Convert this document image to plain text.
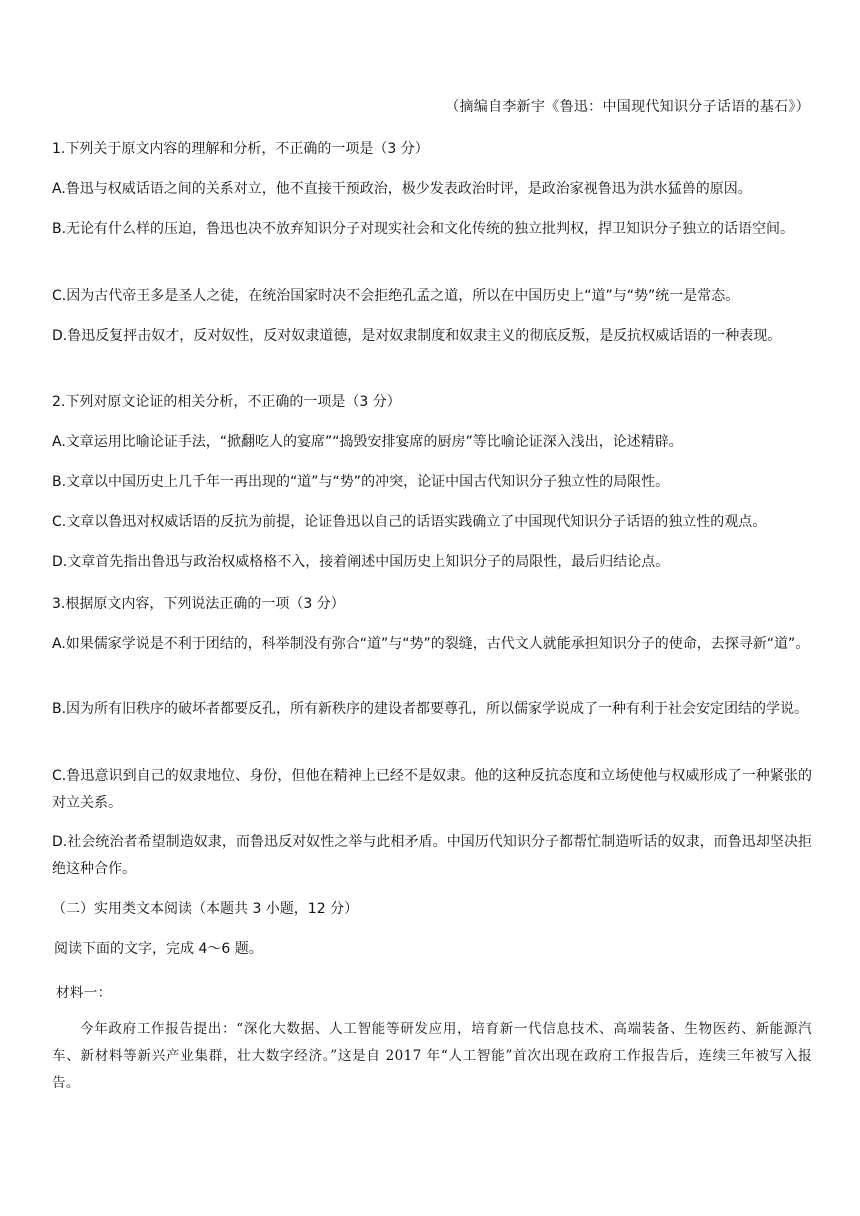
（摘编自李新宇《鲁迅：中国现代知识分子话语的基石》）
1.下列关于原文内容的理解和分析，不正确的一项是（3 分）
A.鲁迅与权威话语之间的关系对立，他不直接干预政治，极少发表政治时评，是政治家视鲁迅为洪水猛兽的原因。
B.无论有什么样的压迫，鲁迅也决不放弃知识分子对现实社会和文化传统的独立批判权，捍卫知识分子独立的话语空间。
C.因为古代帝王多是圣人之徒，在统治国家时决不会拒绝孔孟之道，所以在中国历史上“道”与“势”统一是常态。
D.鲁迅反复抨击奴才，反对奴性，反对奴隶道德，是对奴隶制度和奴隶主义的彻底反叛，是反抗权威话语的一种表现。
2.下列对原文论证的相关分析，不正确的一项是（3 分）
A.文章运用比喻论证手法，“掀翻吃人的宴席”“捣毁安排宴席的厨房”等比喻论证深入浅出，论述精辟。
B.文章以中国历史上几千年一再出现的“道”与“势”的冲突，论证中国古代知识分子独立性的局限性。
C.文章以鲁迅对权威话语的反抗为前提，论证鲁迅以自己的话语实践确立了中国现代知识分子话语的独立性的观点。
D.文章首先指出鲁迅与政治权威格格不入，接着阐述中国历史上知识分子的局限性，最后归结论点。
3.根据原文内容，下列说法正确的一项（3 分）
A.如果儒家学说是不利于团结的，科举制没有弥合“道”与“势”的裂缝，古代文人就能承担知识分子的使命，去探寻新“道”。
B.因为所有旧秩序的破坏者都要反孔，所有新秩序的建设者都要尊孔，所以儒家学说成了一种有利于社会安定团结的学说。
C.鲁迅意识到自己的奴隶地位、身份，但他在精神上已经不是奴隶。他的这种反抗态度和立场使他与权威形成了一种紧张的对立关系。
D.社会统治者希望制造奴隶，而鲁迅反对奴性之举与此相矛盾。中国历代知识分子都帮忙制造听话的奴隶，而鲁迅却坚决拒绝这种合作。
（二）实用类文本阅读（本题共 3 小题，12 分）
阅读下面的文字，完成 4～6 题。
材料一：
今年政府工作报告提出：“深化大数据、人工智能等研发应用，培育新一代信息技术、高端装备、生物医药、新能源汽车、新材料等新兴产业集群，壮大数字经济。”这是自 2017 年“人工智能”首次出现在政府工作报告后，连续三年被写入报告。
